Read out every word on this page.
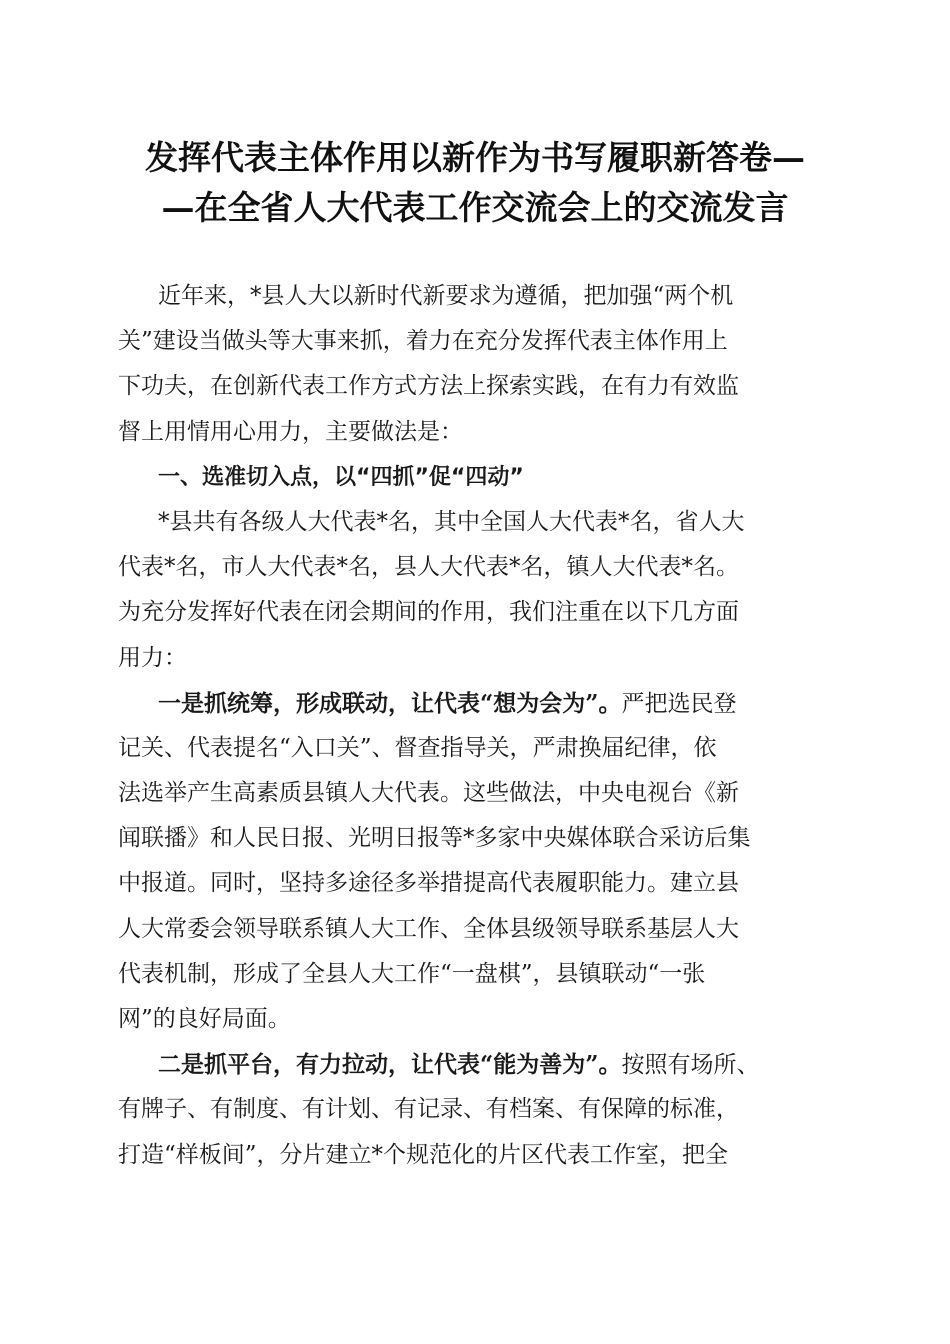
发挥代表主体作用以新作为书写履职新答卷—
—在全省人大代表工作交流会上的交流发言
近年来，*县人大以新时代新要求为遵循，把加强“两个机
关”建设当做头等大事来抓，着力在充分发挥代表主体作用上
下功夫，在创新代表工作方式方法上探索实践，在有力有效监
督上用情用心用力，主要做法是：
一、选准切入点，以“四抓”促“四动”
*县共有各级人大代表*名，其中全国人大代表*名，省人大
代表*名，市人大代表*名，县人大代表*名，镇人大代表*名。
为充分发挥好代表在闭会期间的作用，我们注重在以下几方面
用力：
一是抓统筹，形成联动，让代表“想为会为”。严把选民登
记关、代表提名“入口关”、督查指导关，严肃换届纪律，依
法选举产生高素质县镇人大代表。这些做法，中央电视台《新
闻联播》和人民日报、光明日报等*多家中央媒体联合采访后集
中报道。同时，坚持多途径多举措提高代表履职能力。建立县
人大常委会领导联系镇人大工作、全体县级领导联系基层人大
代表机制，形成了全县人大工作“一盘棋”，县镇联动“一张
网”的良好局面。
二是抓平台，有力拉动，让代表“能为善为”。按照有场所、
有牌子、有制度、有计划、有记录、有档案、有保障的标准，
打造“样板间”，分片建立*个规范化的片区代表工作室，把全
